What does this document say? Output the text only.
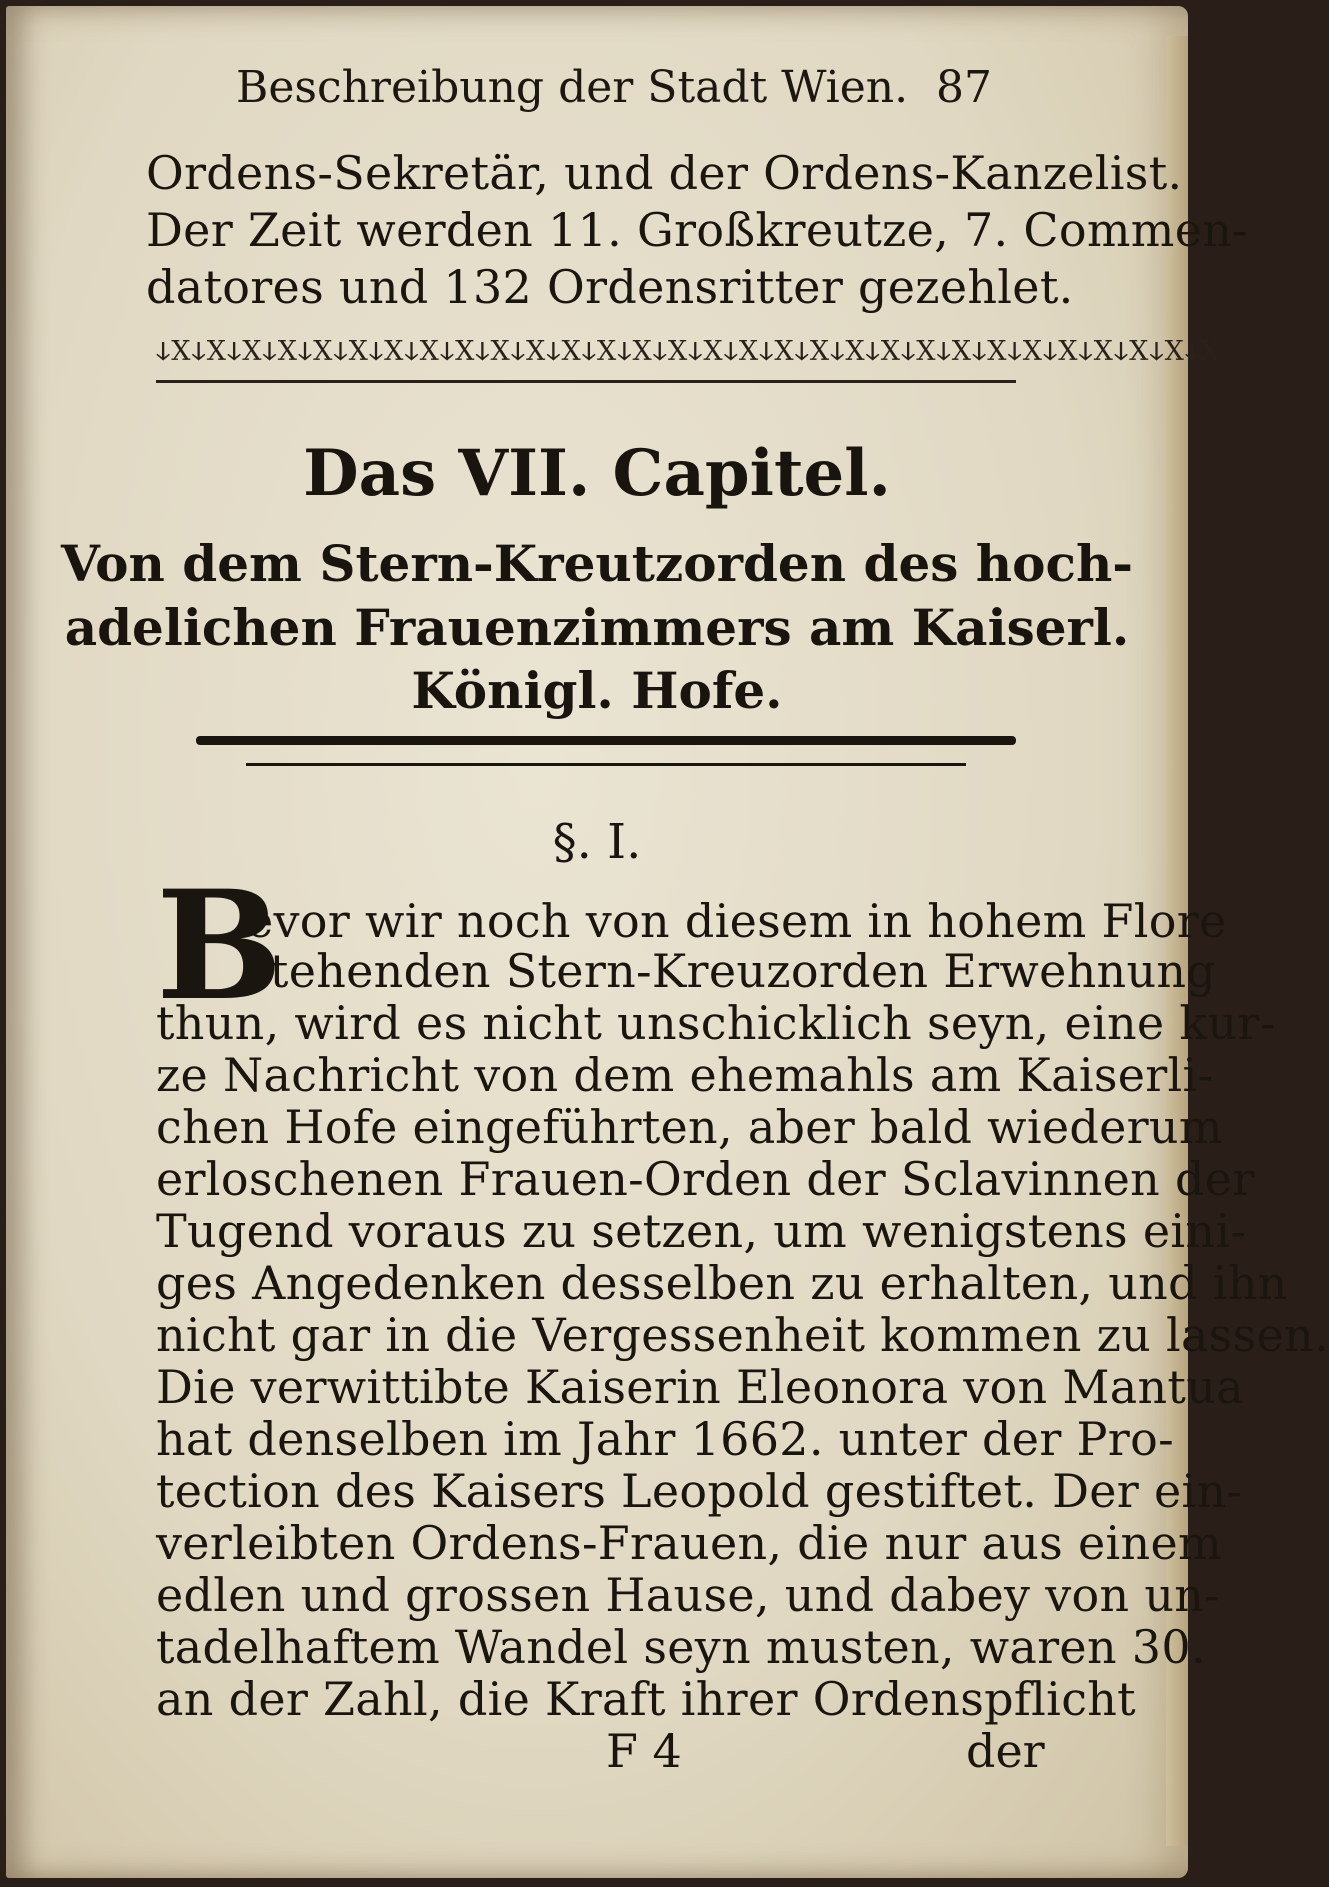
Beschreibung der Stadt Wien. 87
Ordens-Sekretär, und der Ordens-Kanzelist.
Der Zeit werden 11. Großkreutze, 7. Commen-
datores und 132 Ordensritter gezehlet.
ↆⅩↆⅩↆⅩↆⅩↆⅩↆⅩↆⅩↆⅩↆⅩↆⅩↆⅩↆⅩↆⅩↆⅩↆⅩↆⅩↆⅩↆⅩↆⅩↆⅩↆⅩↆⅩↆⅩↆⅩↆⅩↆⅩↆⅩↆⅩↆⅩↆⅩ
Das VII. Capitel.
Von dem Stern-Kreutzorden des hoch-
adelichen Frauenzimmers am Kaiserl.
Königl. Hofe.
§. I.
B
evor wir noch von diesem in hohem Flore
stehenden Stern-Kreuzorden Erwehnung
thun, wird es nicht unschicklich seyn, eine kur-
ze Nachricht von dem ehemahls am Kaiserli-
chen Hofe eingeführten, aber bald wiederum
erloschenen Frauen-Orden der Sclavinnen der
Tugend voraus zu setzen, um wenigstens eini-
ges Angedenken desselben zu erhalten, und ihn
nicht gar in die Vergessenheit kommen zu lassen.
Die verwittibte Kaiserin Eleonora von Mantua
hat denselben im Jahr 1662. unter der Pro-
tection des Kaisers Leopold gestiftet. Der ein-
verleibten Ordens-Frauen, die nur aus einem
edlen und grossen Hause, und dabey von un-
tadelhaftem Wandel seyn musten, waren 30.
an der Zahl, die Kraft ihrer Ordenspflicht
F 4	der
